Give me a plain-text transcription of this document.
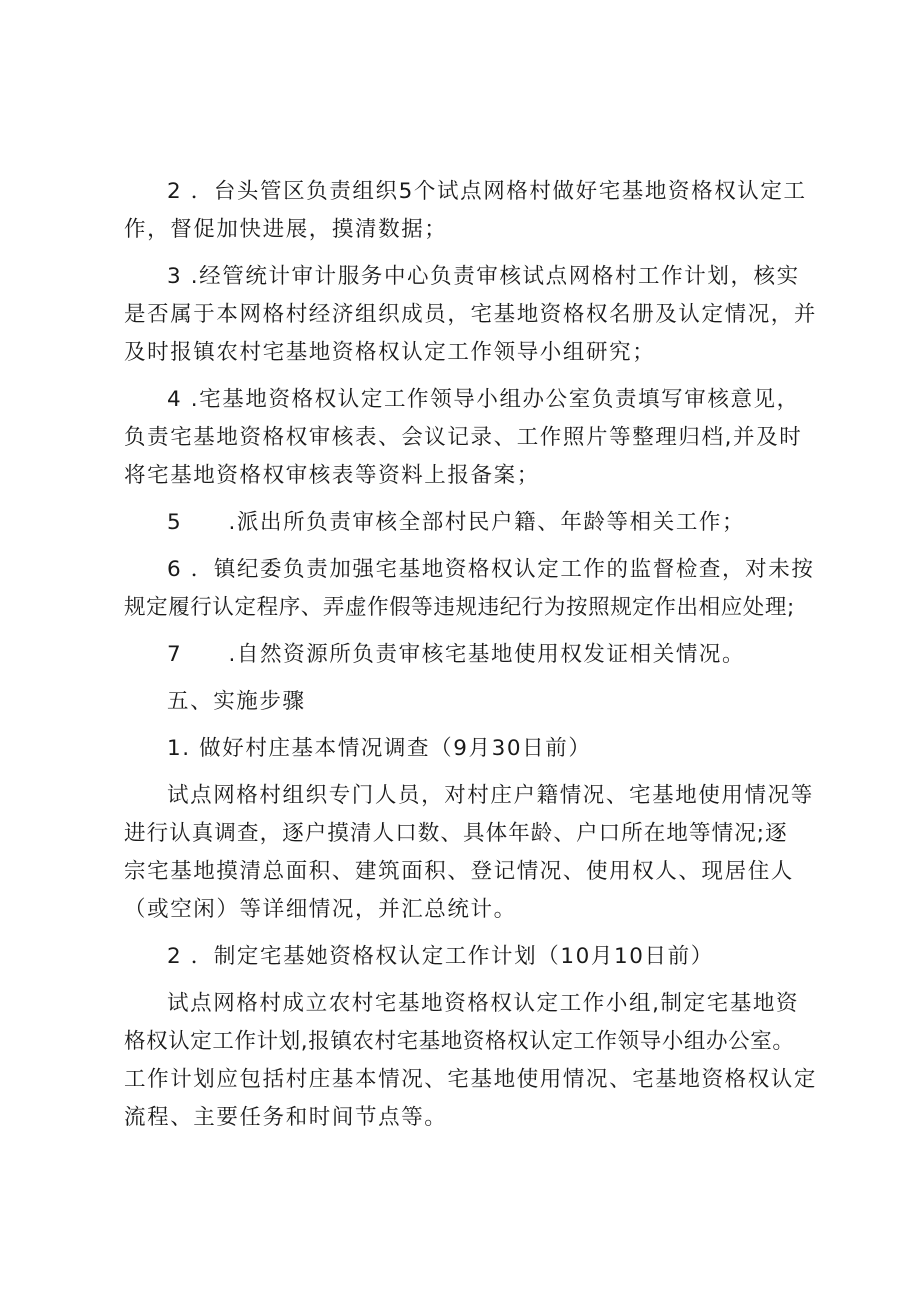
2 ．台头管区负责组织5个试点网格村做好宅基地资格权认定工
作，督促加快进展，摸清数据；

3 .经管统计审计服务中心负责审核试点网格村工作计划，核实
是否属于本网格村经济组织成员，宅基地资格权名册及认定情况，并
及时报镇农村宅基地资格权认定工作领导小组研究；

4 .宅基地资格权认定工作领导小组办公室负责填写审核意见，
负责宅基地资格权审核表、会议记录、工作照片等整理归档,并及时
将宅基地资格权审核表等资料上报备案；

5　　.派出所负责审核全部村民户籍、年龄等相关工作；

6 ．镇纪委负责加强宅基地资格权认定工作的监督检查，对未按
规定履行认定程序、弄虚作假等违规违纪行为按照规定作出相应处理;

7　　.自然资源所负责审核宅基地使用权发证相关情况。

五、实施步骤

1. 做好村庄基本情况调查（9月30日前）

试点网格村组织专门人员，对村庄户籍情况、宅基地使用情况等
进行认真调查，逐户摸清人口数、具体年龄、户口所在地等情况;逐
宗宅基地摸清总面积、建筑面积、登记情况、使用权人、现居住人
（或空闲）等详细情况，并汇总统计。

2 ．制定宅基她资格权认定工作计划（10月10日前）

试点网格村成立农村宅基地资格权认定工作小组,制定宅基地资
格权认定工作计划,报镇农村宅基地资格权认定工作领导小组办公室。
工作计划应包括村庄基本情况、宅基地使用情况、宅基地资格权认定
流程、主要任务和时间节点等。
